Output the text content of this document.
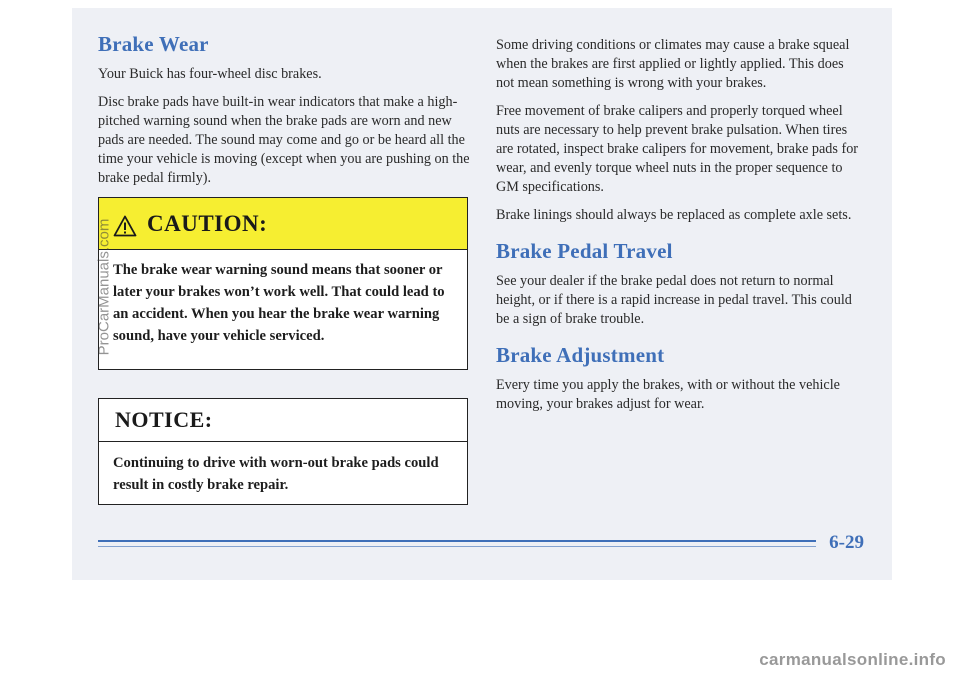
Brake Wear

Your Buick has four-wheel disc brakes.

Disc brake pads have built-in wear indicators that make a high-pitched warning sound when the brake pads are worn and new pads are needed. The sound may come and go or be heard all the time your vehicle is moving (except when you are pushing on the brake pedal firmly).

CAUTION:
The brake wear warning sound means that sooner or later your brakes won’t work well. That could lead to an accident. When you hear the brake wear warning sound, have your vehicle serviced.
NOTICE:
Continuing to drive with worn-out brake pads could result in costly brake repair.

Some driving conditions or climates may cause a brake squeal when the brakes are first applied or lightly applied. This does not mean something is wrong with your brakes.

Free movement of brake calipers and properly torqued wheel nuts are necessary to help prevent brake pulsation. When tires are rotated, inspect brake calipers for movement, brake pads for wear, and evenly torque wheel nuts in the proper sequence to GM specifications.

Brake linings should always be replaced as complete axle sets.

Brake Pedal Travel

See your dealer if the brake pedal does not return to normal height, or if there is a rapid increase in pedal travel. This could be a sign of brake trouble.

Brake Adjustment

Every time you apply the brakes, with or without the vehicle moving, your brakes adjust for wear.

6-29
ProCarManuals.com
carmanualsonline.info
